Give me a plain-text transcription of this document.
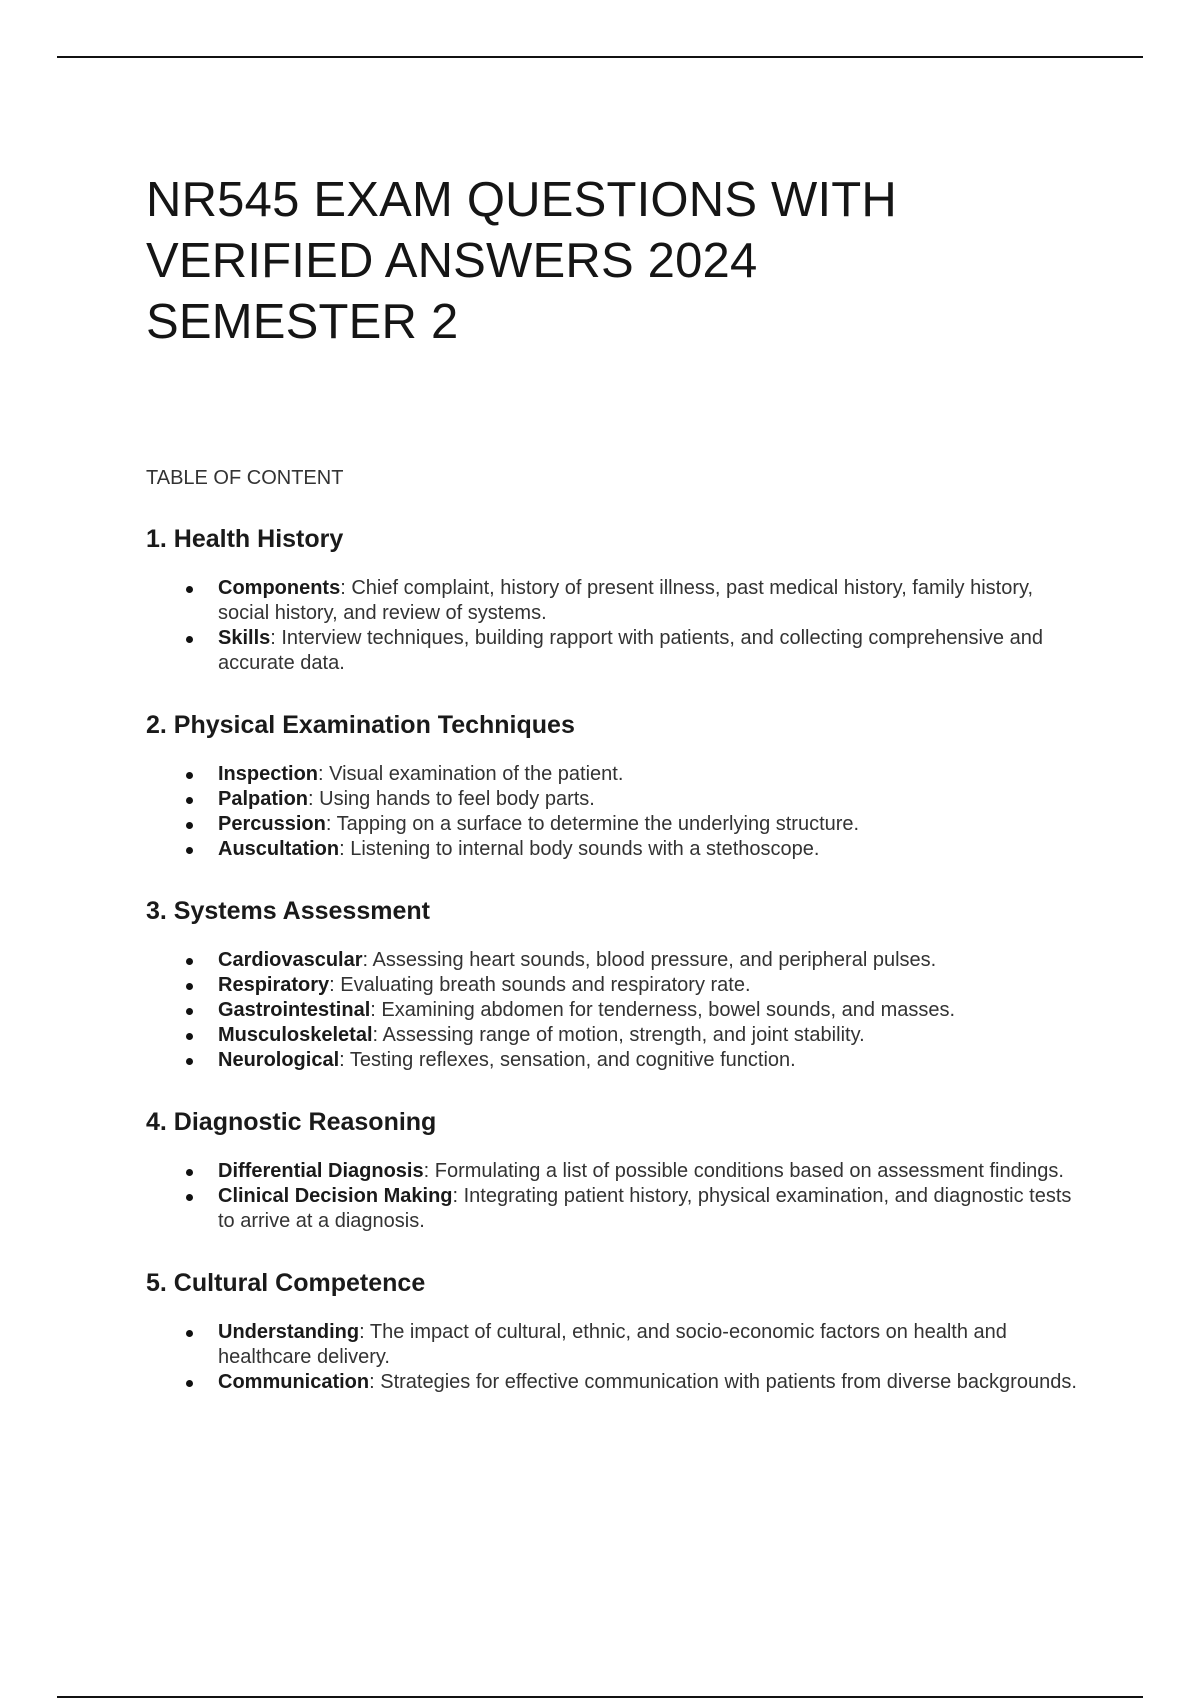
NR545 EXAM QUESTIONS WITH
VERIFIED ANSWERS 2024
SEMESTER 2
TABLE OF CONTENT
1. Health History
Components: Chief complaint, history of present illness, past medical history, family history, social history, and review of systems.
Skills: Interview techniques, building rapport with patients, and collecting comprehensive and accurate data.
2. Physical Examination Techniques
Inspection: Visual examination of the patient.
Palpation: Using hands to feel body parts.
Percussion: Tapping on a surface to determine the underlying structure.
Auscultation: Listening to internal body sounds with a stethoscope.
3. Systems Assessment
Cardiovascular: Assessing heart sounds, blood pressure, and peripheral pulses.
Respiratory: Evaluating breath sounds and respiratory rate.
Gastrointestinal: Examining abdomen for tenderness, bowel sounds, and masses.
Musculoskeletal: Assessing range of motion, strength, and joint stability.
Neurological: Testing reflexes, sensation, and cognitive function.
4. Diagnostic Reasoning
Differential Diagnosis: Formulating a list of possible conditions based on assessment findings.
Clinical Decision Making: Integrating patient history, physical examination, and diagnostic tests to arrive at a diagnosis.
5. Cultural Competence
Understanding: The impact of cultural, ethnic, and socio-economic factors on health and healthcare delivery.
Communication: Strategies for effective communication with patients from diverse backgrounds.
